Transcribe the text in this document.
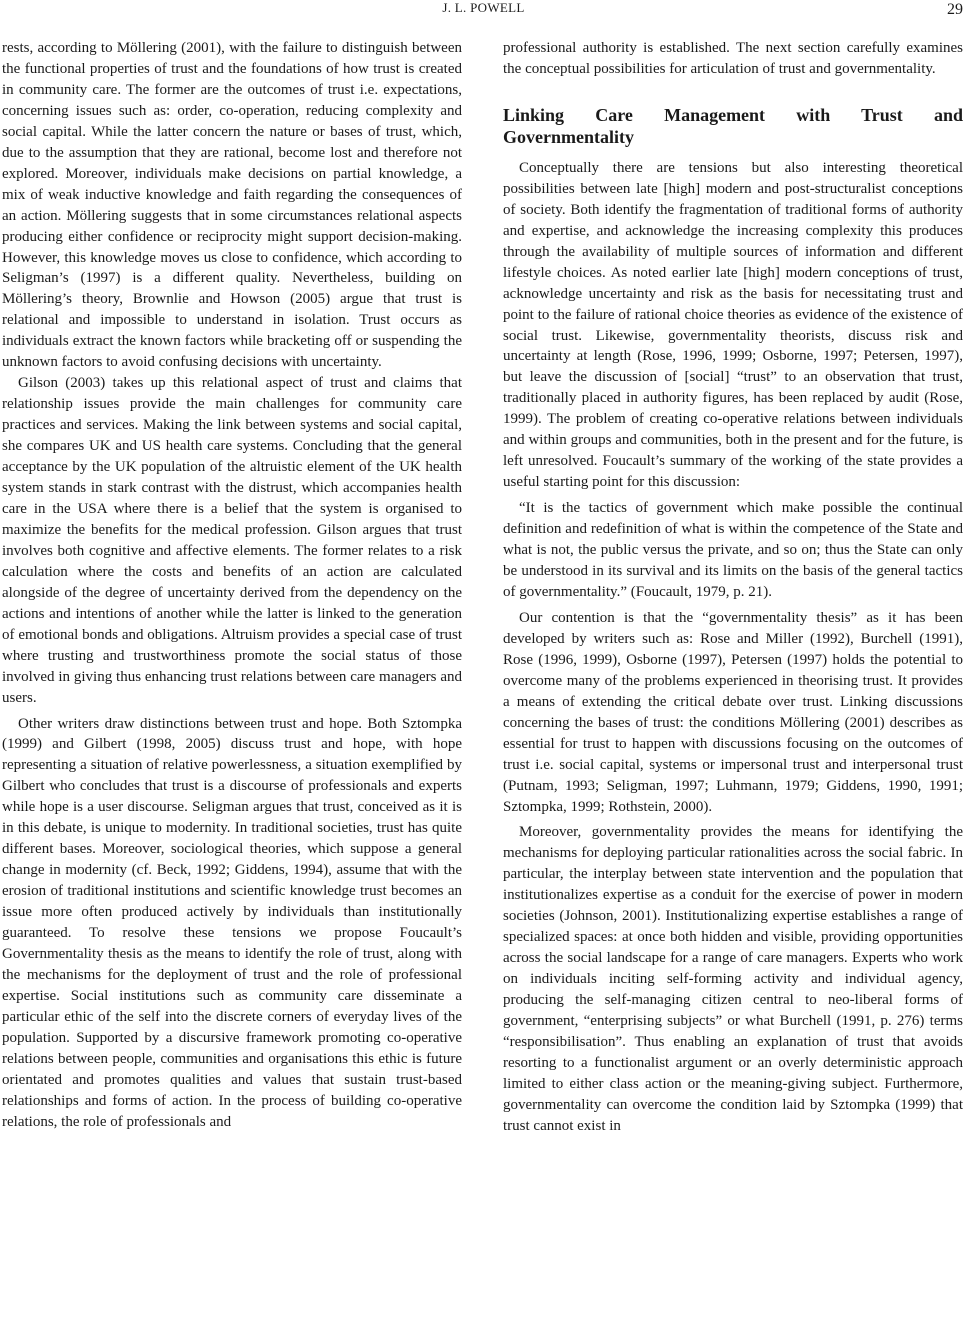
J. L. POWELL	29

rests, according to Möllering (2001), with the failure to distinguish between the functional properties of trust and the foundations of how trust is created in community care. The former are the outcomes of trust i.e. expectations, concerning issues such as: order, co-operation, reducing complexity and social capital. While the latter concern the nature or bases of trust, which, due to the assumption that they are rational, become lost and therefore not explored. Moreover, individuals make decisions on partial knowledge, a mix of weak inductive knowledge and faith regarding the consequences of an action. Möllering suggests that in some circumstances relational aspects producing either confidence or reciprocity might support decision-making. However, this knowledge moves us close to confidence, which according to Seligman’s (1997) is a different quality. Nevertheless, building on Möllering’s theory, Brownlie and Howson (2005) argue that trust is relational and impossible to understand in isolation. Trust occurs as individuals extract the known factors while bracketing off or suspending the unknown factors to avoid confusing decisions with uncertainty.

Gilson (2003) takes up this relational aspect of trust and claims that relationship issues provide the main challenges for community care practices and services. Making the link between systems and social capital, she compares UK and US health care systems. Concluding that the general acceptance by the UK population of the altruistic element of the UK health system stands in stark contrast with the distrust, which accompanies health care in the USA where there is a belief that the system is organised to maximize the benefits for the medical profession. Gilson argues that trust involves both cognitive and affective elements. The former relates to a risk calculation where the costs and benefits of an action are calculated alongside of the degree of uncertainty derived from the dependency on the actions and intentions of another while the latter is linked to the generation of emotional bonds and obligations. Altruism provides a special case of trust where trusting and trustworthiness promote the social status of those involved in giving thus enhancing trust relations between care managers and users.

Other writers draw distinctions between trust and hope. Both Sztompka (1999) and Gilbert (1998, 2005) discuss trust and hope, with hope representing a situation of relative powerlessness, a situation exemplified by Gilbert who concludes that trust is a discourse of professionals and experts while hope is a user discourse. Seligman argues that trust, conceived as it is in this debate, is unique to modernity. In traditional societies, trust has quite different bases. Moreover, sociological theories, which suppose a general change in modernity (cf. Beck, 1992; Giddens, 1994), assume that with the erosion of traditional institutions and scientific knowledge trust becomes an issue more often produced actively by individuals than institutionally guaranteed. To resolve these tensions we propose Foucault’s Governmentality thesis as the means to identify the role of trust, along with the mechanisms for the deployment of trust and the role of professional expertise. Social institutions such as community care disseminate a particular ethic of the self into the discrete corners of everyday lives of the population. Supported by a discursive framework promoting co-operative relations between people, communities and organisations this ethic is future orientated and promotes qualities and values that sustain trust-based relationships and forms of action. In the process of building co-operative relations, the role of professionals and

professional authority is established. The next section carefully examines the conceptual possibilities for articulation of trust and governmentality.

Linking Care Management with Trust and Governmentality

Conceptually there are tensions but also interesting theoretical possibilities between late [high] modern and post-structuralist conceptions of society. Both identify the fragmentation of traditional forms of authority and expertise, and acknowledge the increasing complexity this produces through the availability of multiple sources of information and different lifestyle choices. As noted earlier late [high] modern conceptions of trust, acknowledge uncertainty and risk as the basis for necessitating trust and point to the failure of rational choice theories as evidence of the existence of social trust. Likewise, governmentality theorists, discuss risk and uncertainty at length (Rose, 1996, 1999; Osborne, 1997; Petersen, 1997), but leave the discussion of [social] “trust” to an observation that trust, traditionally placed in authority figures, has been replaced by audit (Rose, 1999). The problem of creating co-operative relations between individuals and within groups and communities, both in the present and for the future, is left unresolved. Foucault’s summary of the working of the state provides a useful starting point for this discussion:

“It is the tactics of government which make possible the continual definition and redefinition of what is within the competence of the State and what is not, the public versus the private, and so on; thus the State can only be understood in its survival and its limits on the basis of the general tactics of governmentality.” (Foucault, 1979, p. 21).

Our contention is that the “governmentality thesis” as it has been developed by writers such as: Rose and Miller (1992), Burchell (1991), Rose (1996, 1999), Osborne (1997), Petersen (1997) holds the potential to overcome many of the problems experienced in theorising trust. It provides a means of extending the critical debate over trust. Linking discussions concerning the bases of trust: the conditions Möllering (2001) describes as essential for trust to happen with discussions focusing on the outcomes of trust i.e. social capital, systems or impersonal trust and interpersonal trust (Putnam, 1993; Seligman, 1997; Luhmann, 1979; Giddens, 1990, 1991; Sztompka, 1999; Rothstein, 2000).

Moreover, governmentality provides the means for identifying the mechanisms for deploying particular rationalities across the social fabric. In particular, the interplay between state intervention and the population that institutionalizes expertise as a conduit for the exercise of power in modern societies (Johnson, 2001). Institutionalizing expertise establishes a range of specialized spaces: at once both hidden and visible, providing opportunities across the social landscape for a range of care managers. Experts who work on individuals inciting self-forming activity and individual agency, producing the self-managing citizen central to neo-liberal forms of government, “enterprising subjects” or what Burchell (1991, p. 276) terms “responsibilisation”. Thus enabling an explanation of trust that avoids resorting to a functionalist argument or an overly deterministic approach limited to either class action or the meaning-giving subject. Furthermore, governmentality can overcome the condition laid by Sztompka (1999) that trust cannot exist in
